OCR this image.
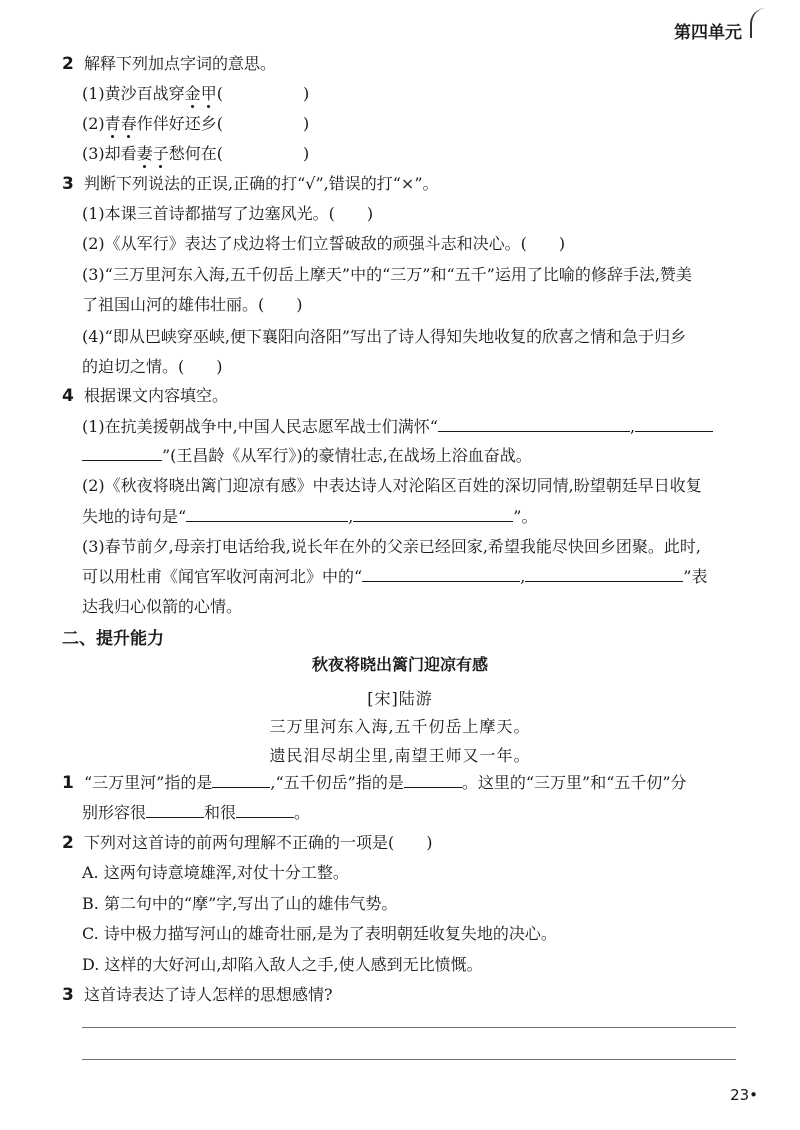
第四单元
2 解释下列加点字词的意思。
(1)黄沙百战穿金甲(　　　　　)
(2)青春作伴好还乡(　　　　　)
(3)却看妻子愁何在(　　　　　)
3 判断下列说法的正误,正确的打“√”,错误的打“×”。
(1)本课三首诗都描写了边塞风光。(　　)
(2)《从军行》表达了戍边将士们立誓破敌的顽强斗志和决心。(　　)
(3)“三万里河东入海,五千仞岳上摩天”中的“三万”和“五千”运用了比喻的修辞手法,赞美
了祖国山河的雄伟壮丽。(　　)
(4)“即从巴峡穿巫峡,便下襄阳向洛阳”写出了诗人得知失地收复的欣喜之情和急于归乡
的迫切之情。(　　)
4 根据课文内容填空。
(1)在抗美援朝战争中,中国人民志愿军战士们满怀“	,
”(王昌龄《从军行》)的豪情壮志,在战场上浴血奋战。
(2)《秋夜将晓出篱门迎凉有感》中表达诗人对沦陷区百姓的深切同情,盼望朝廷早日收复
失地的诗句是“	,	”。
(3)春节前夕,母亲打电话给我,说长年在外的父亲已经回家,希望我能尽快回乡团聚。此时,
可以用杜甫《闻官军收河南河北》中的“	,	”表
达我归心似箭的心情。
二、提升能力
秋夜将晓出篱门迎凉有感
[宋]陆游
三万里河东入海,五千仞岳上摩天。
遗民泪尽胡尘里,南望王师又一年。
1 “三万里河”指的是	,“五千仞岳”指的是	。这里的“三万里”和“五千仞”分
别形容很	和很	。
2 下列对这首诗的前两句理解不正确的一项是(　　)
A. 这两句诗意境雄浑,对仗十分工整。
B. 第二句中的“摩”字,写出了山的雄伟气势。
C. 诗中极力描写河山的雄奇壮丽,是为了表明朝廷收复失地的决心。
D. 这样的大好河山,却陷入敌人之手,使人感到无比愤慨。
3 这首诗表达了诗人怎样的思想感情?
23•
